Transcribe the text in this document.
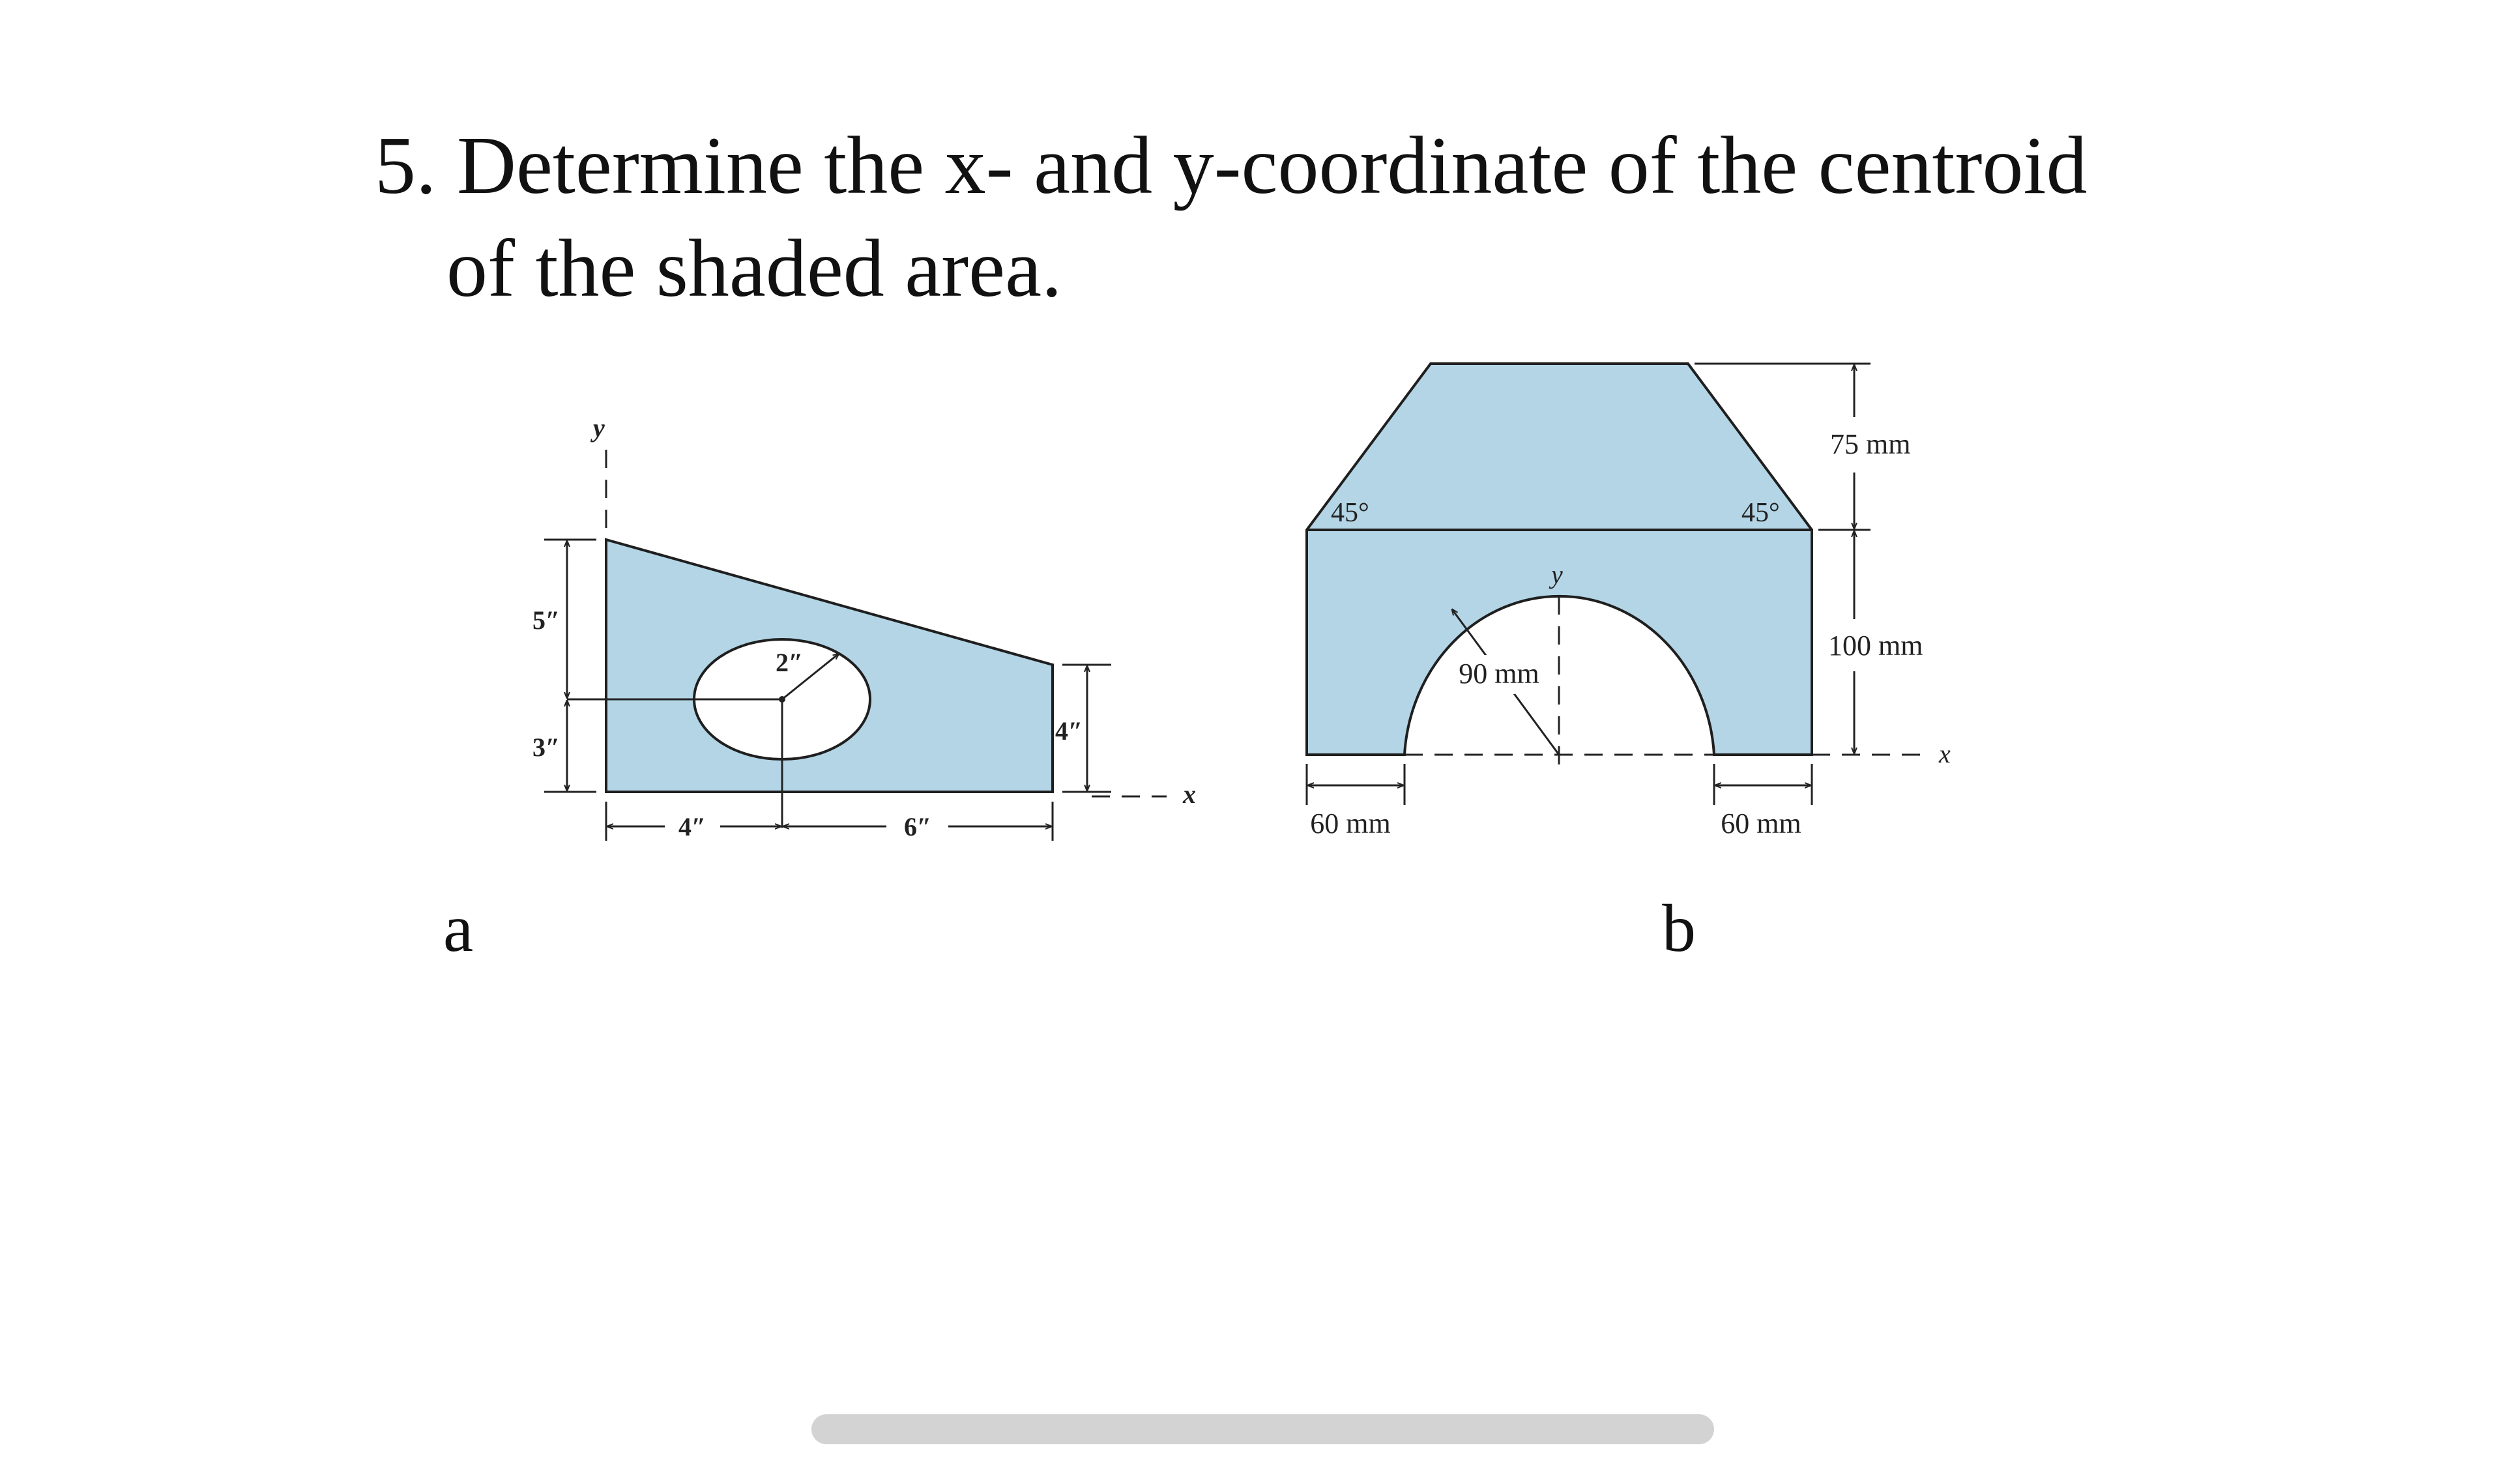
5. Determine the x- and y-coordinate of the centroid
of the shaded area.
2″
y
x
5″
3″
4″
4″	6″
x
y
90 mm
45°	45°
75 mm
100 mm
60 mm	60 mm
a	b
